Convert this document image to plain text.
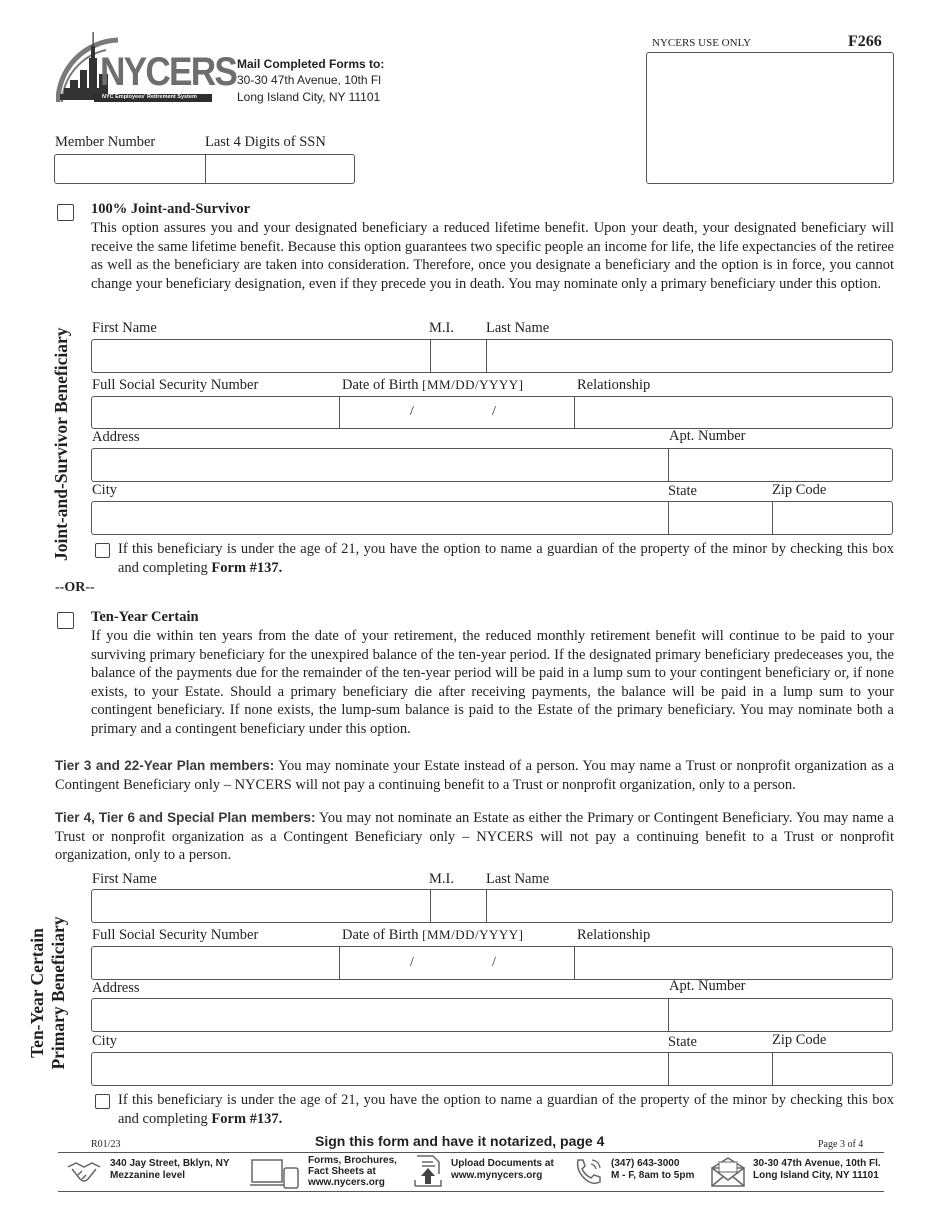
NYCERS
NYC Employees' Retirement System
Mail Completed Forms to:
30-30 47th Avenue, 10th Fl
Long Island City, NY 11101
NYCERS USE ONLY	F266
Member Number	Last 4 Digits of SSN
100% Joint-and-Survivor
This option assures you and your designated beneficiary a reduced lifetime benefit. Upon your death, your designated beneficiary will receive the same lifetime benefit. Because this option guarantees two specific people an income for life, the life expectancies of the retiree as well as the beneficiary are taken into consideration. Therefore, once you designate a beneficiary and the option is in force, you cannot change your beneficiary designation, even if they precede you in death. You may nominate only a primary beneficiary under this option.
Joint-and-Survivor Beneficiary First Name	M.I. Last Name
Full Social Security Number	Date of Birth [MM/DD/YYYY]	Relationship
/	/
Address	Apt. Number
City	State	Zip Code
If this beneficiary is under the age of 21, you have the option to name a guardian of the property of the minor by checking this box and completing Form #137.
--OR--
Ten-Year Certain
If you die within ten years from the date of your retirement, the reduced monthly retirement benefit will continue to be paid to your surviving primary beneficiary for the unexpired balance of the ten-year period. If the designated primary beneficiary predeceases you, the balance of the payments due for the remainder of the ten-year period will be paid in a lump sum to your contingent beneficiary or, if none exists, to your Estate. Should a primary beneficiary die after receiving payments, the balance will be paid in a lump sum to your contingent beneficiary. If none exists, the lump-sum balance is paid to the Estate of the primary beneficiary. You may nominate both a primary and a contingent beneficiary under this option.
Tier 3 and 22-Year Plan members: You may nominate your Estate instead of a person. You may name a Trust or nonprofit organization as a Contingent Beneficiary only – NYCERS will not pay a continuing benefit to a Trust or nonprofit organization, only to a person.
Tier 4, Tier 6 and Special Plan members: You may not nominate an Estate as either the Primary or Contingent Beneficiary. You may name a Trust or nonprofit organization as a Contingent Beneficiary only – NYCERS will not pay a continuing benefit to a Trust or nonprofit organization, only to a person.
Ten-Year Certain Primary Beneficiary
First Name	M.I. Last Name
Full Social Security Number	Date of Birth [MM/DD/YYYY]	Relationship
/	/
Address	Apt. Number
City	State	Zip Code
If this beneficiary is under the age of 21, you have the option to name a guardian of the property of the minor by checking this box and completing Form #137.
R01/23	Sign this form and have it notarized, page 4	Page 3 of 4
340 Jay Street, Bklyn, NY
Mezzanine level
Forms, Brochures,
Fact Sheets at
www.nycers.org
Upload Documents at
www.mynycers.org
(347) 643-3000
M - F, 8am to 5pm
30-30 47th Avenue, 10th Fl.
Long Island City, NY 11101
